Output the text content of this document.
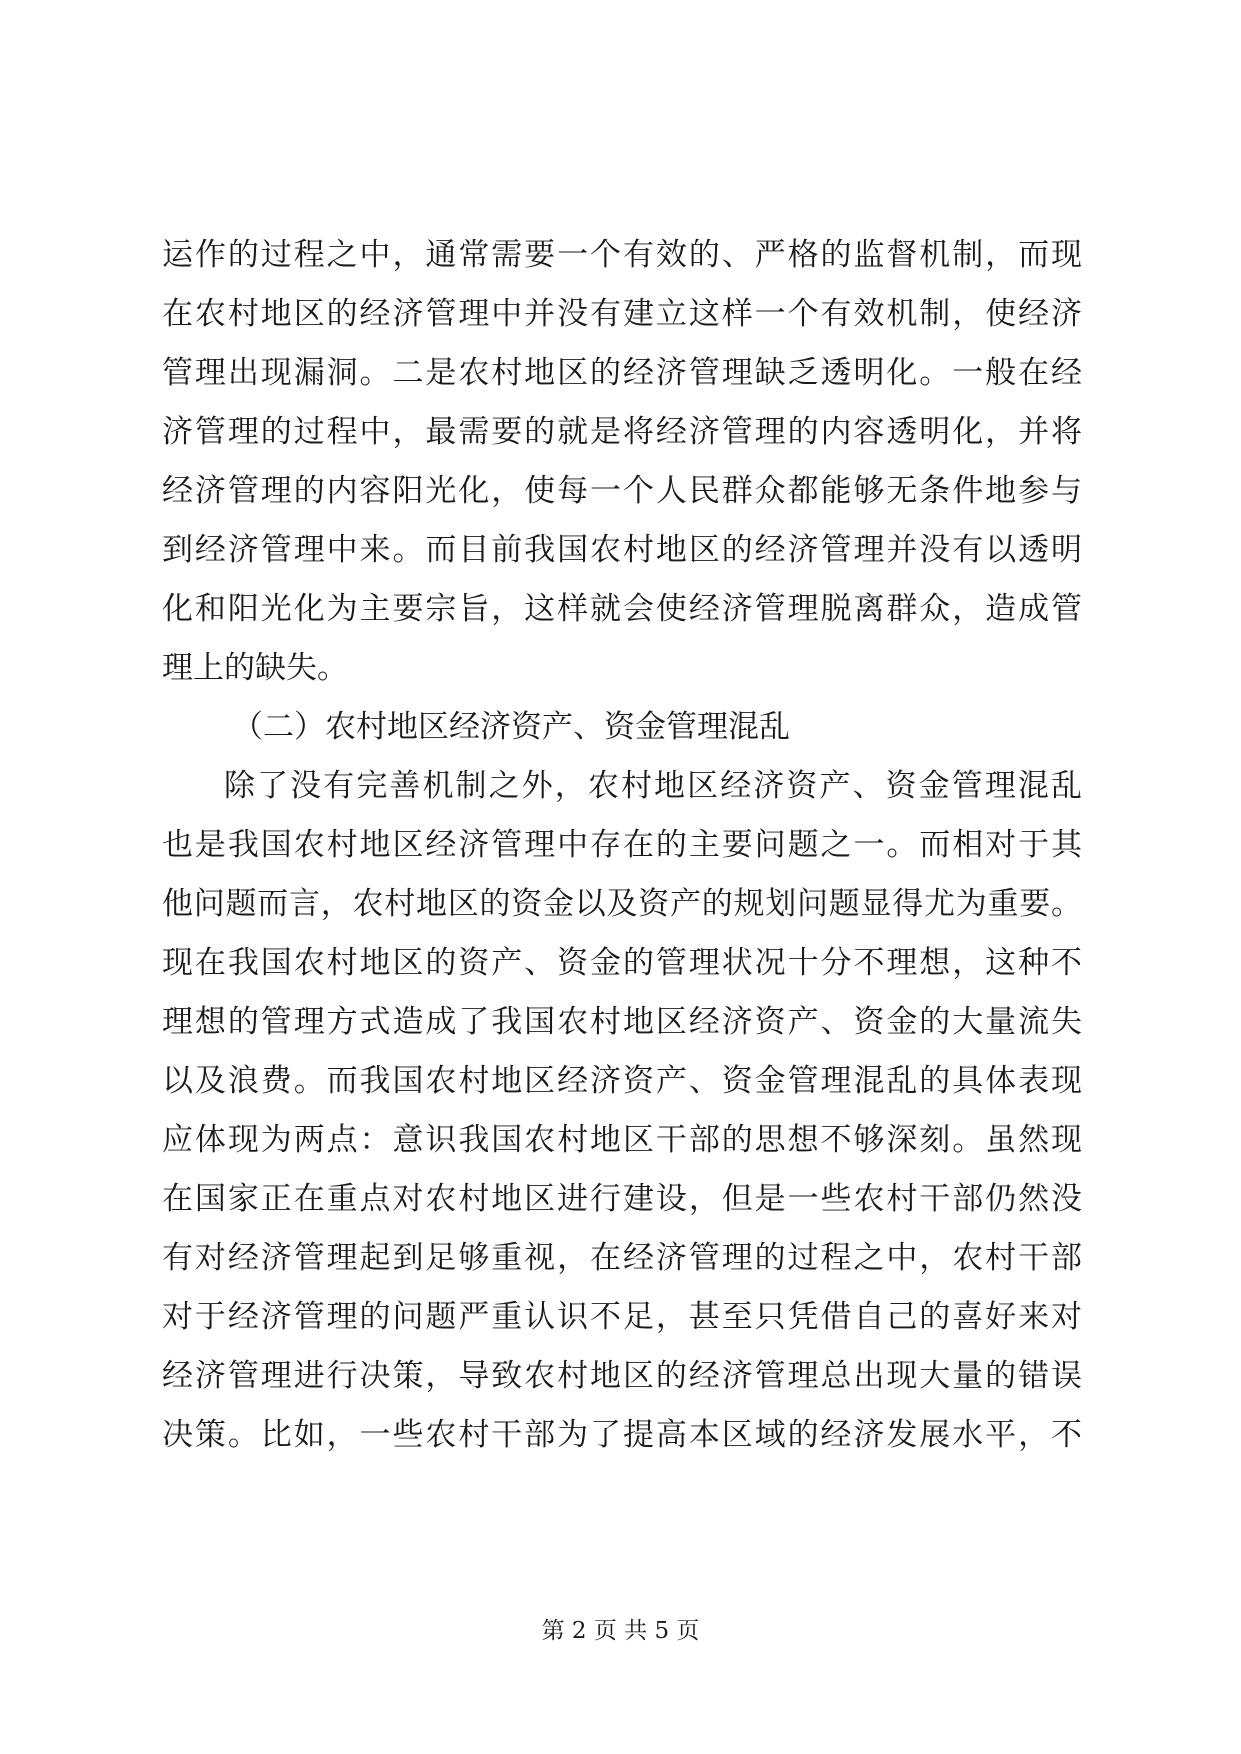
运作的过程之中，通常需要一个有效的、严格的监督机制，而现
在农村地区的经济管理中并没有建立这样一个有效机制，使经济
管理出现漏洞。二是农村地区的经济管理缺乏透明化。一般在经
济管理的过程中，最需要的就是将经济管理的内容透明化，并将
经济管理的内容阳光化，使每一个人民群众都能够无条件地参与
到经济管理中来。而目前我国农村地区的经济管理并没有以透明
化和阳光化为主要宗旨，这样就会使经济管理脱离群众，造成管
理上的缺失。
（二）农村地区经济资产、资金管理混乱
除了没有完善机制之外，农村地区经济资产、资金管理混乱
也是我国农村地区经济管理中存在的主要问题之一。而相对于其
他问题而言，农村地区的资金以及资产的规划问题显得尤为重要。
现在我国农村地区的资产、资金的管理状况十分不理想，这种不
理想的管理方式造成了我国农村地区经济资产、资金的大量流失
以及浪费。而我国农村地区经济资产、资金管理混乱的具体表现
应体现为两点：意识我国农村地区干部的思想不够深刻。虽然现
在国家正在重点对农村地区进行建设，但是一些农村干部仍然没
有对经济管理起到足够重视，在经济管理的过程之中，农村干部
对于经济管理的问题严重认识不足，甚至只凭借自己的喜好来对
经济管理进行决策，导致农村地区的经济管理总出现大量的错误
决策。比如，一些农村干部为了提高本区域的经济发展水平，不
第 2 页 共 5 页
